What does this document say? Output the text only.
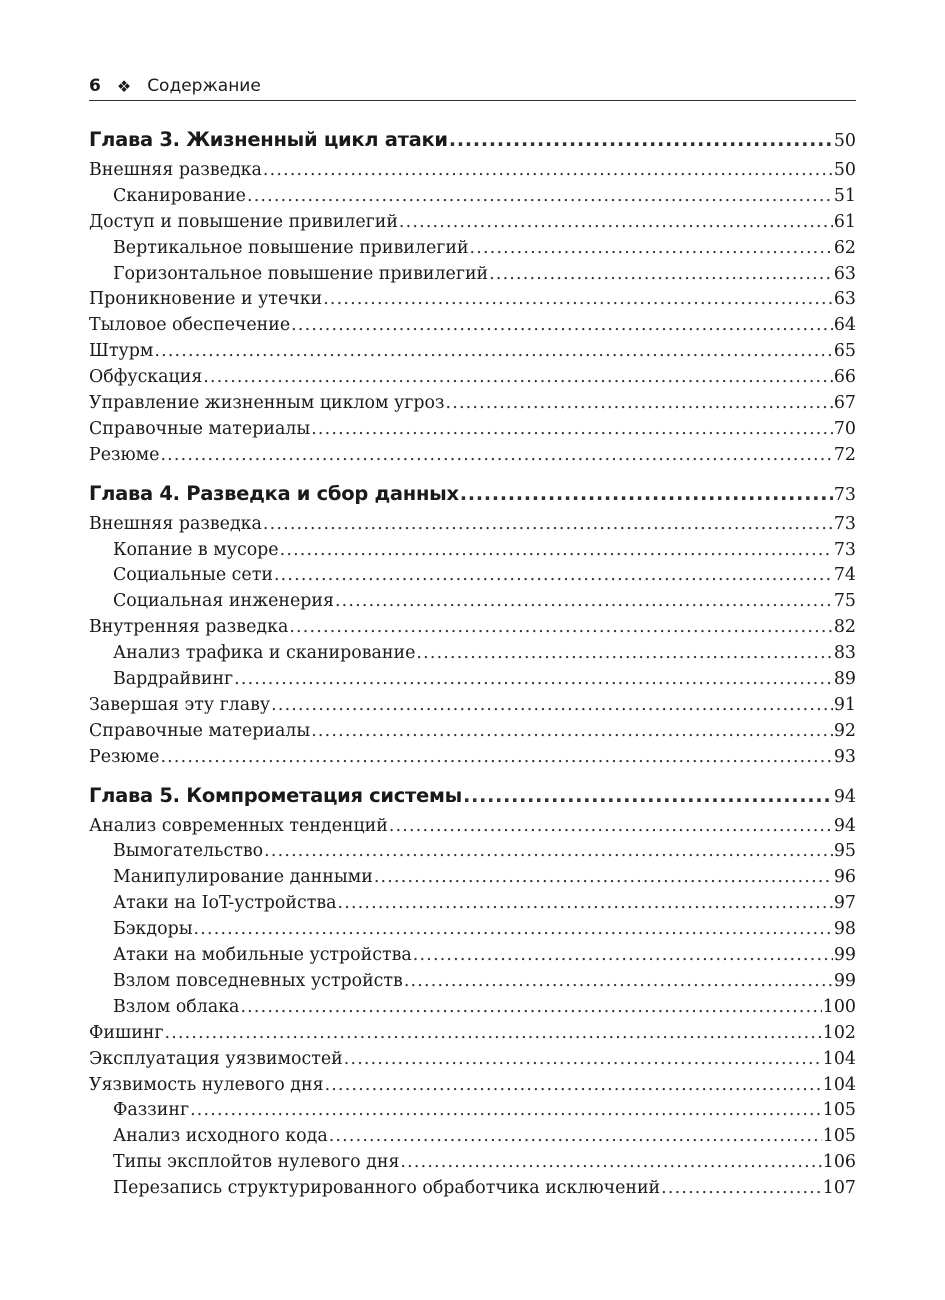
6 ❖ Содержание
Глава 3. Жизненный цикл атаки .....	50
Внешняя разведка .....	50
Сканирование .....	51
Доступ и повышение привилегий .....	61
Вертикальное повышение привилегий .....	62
Горизонтальное повышение привилегий .....	63
Проникновение и утечки .....	63
Тыловое обеспечение .....	64
Штурм .....	65
Обфускация .....	66
Управление жизненным циклом угроз .....	67
Справочные материалы .....	70
Резюме .....	72
Глава 4. Разведка и сбор данных .....	73
Внешняя разведка .....	73
Копание в мусоре .....	73
Социальные сети .....	74
Социальная инженерия .....	75
Внутренняя разведка .....	82
Анализ трафика и сканирование .....	83
Вардрайвинг .....	89
Завершая эту главу .....	91
Справочные материалы .....	92
Резюме .....	93
Глава 5. Компрометация системы .....	94
Анализ современных тенденций .....	94
Вымогательство .....	95
Манипулирование данными .....	96
Атаки на IoT-устройства .....	97
Бэкдоры .....	98
Атаки на мобильные устройства .....	99
Взлом повседневных устройств .....	99
Взлом облака .....	100
Фишинг .....	102
Эксплуатация уязвимостей .....	104
Уязвимость нулевого дня .....	104
Фаззинг .....	105
Анализ исходного кода .....	105
Типы эксплойтов нулевого дня .....	106
Перезапись структурированного обработчика исключений .....	107
